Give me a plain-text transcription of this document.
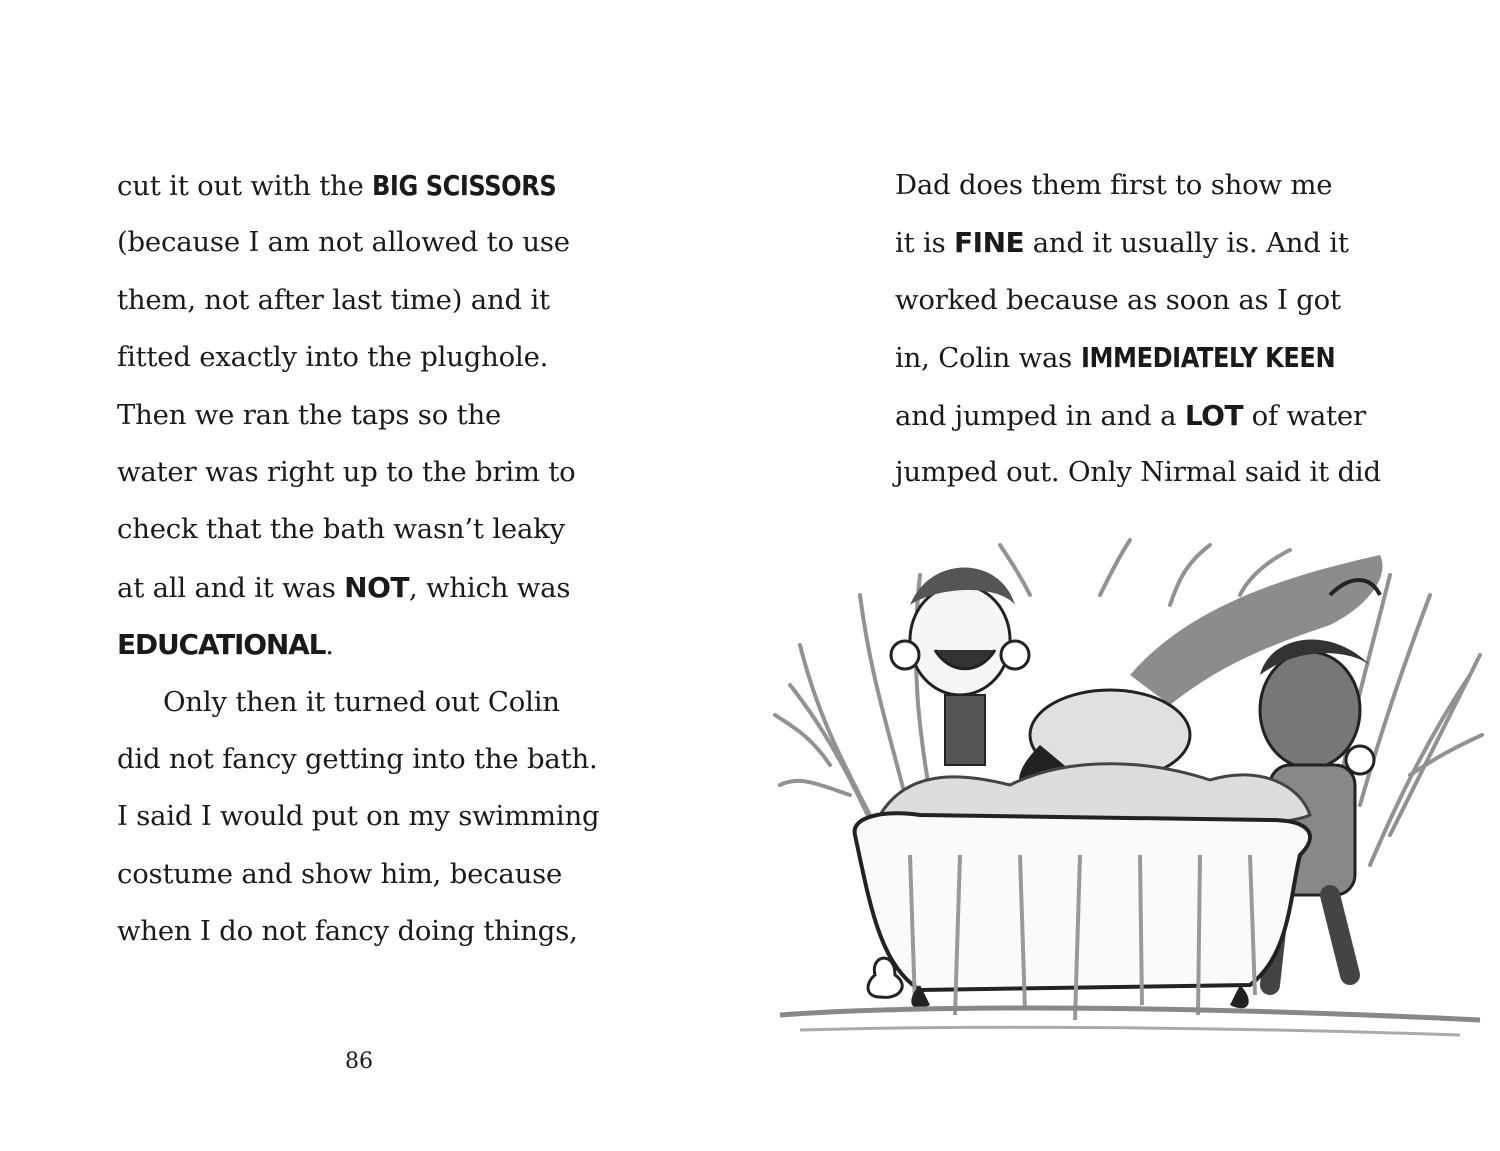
cut it out with the BIG SCISSORS
(because I am not allowed to use
them, not after last time) and it
fitted exactly into the plughole.
Then we ran the taps so the
water was right up to the brim to
check that the bath wasn’t leaky
at all and it was NOT, which was
EDUCATIONAL.
Only then it turned out Colin
did not fancy getting into the bath.
I said I would put on my swimming
costume and show him, because
when I do not fancy doing things,
86
Dad does them first to show me
it is FINE and it usually is. And it
worked because as soon as I got
in, Colin was IMMEDIATELY KEEN
and jumped in and a LOT of water
jumped out. Only Nirmal said it did
